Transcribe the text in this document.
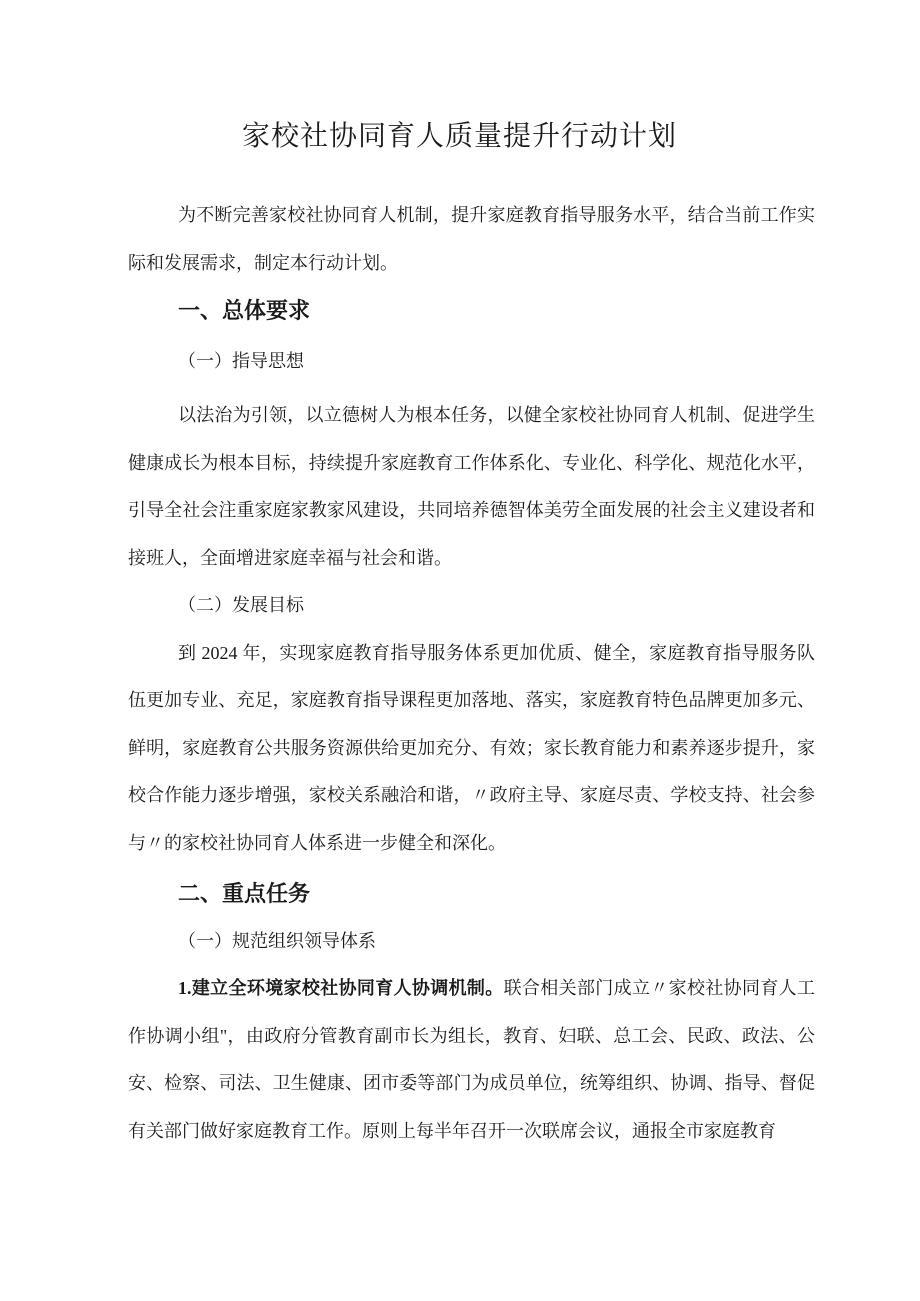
家校社协同育人质量提升行动计划

为不断完善家校社协同育人机制，提升家庭教育指导服务水平，结合当前工作实际和发展需求，制定本行动计划。

一、总体要求
（一）指导思想

以法治为引领，以立德树人为根本任务，以健全家校社协同育人机制、促进学生健康成长为根本目标，持续提升家庭教育工作体系化、专业化、科学化、规范化水平，引导全社会注重家庭家教家风建设，共同培养德智体美劳全面发展的社会主义建设者和接班人，全面增进家庭幸福与社会和谐。

（二）发展目标

到 2024 年，实现家庭教育指导服务体系更加优质、健全，家庭教育指导服务队伍更加专业、充足，家庭教育指导课程更加落地、落实，家庭教育特色品牌更加多元、鲜明，家庭教育公共服务资源供给更加充分、有效；家长教育能力和素养逐步提升，家校合作能力逐步增强，家校关系融洽和谐，〃政府主导、家庭尽责、学校支持、社会参与〃的家校社协同育人体系进一步健全和深化。

二、重点任务
（一）规范组织领导体系

1.建立全环境家校社协同育人协调机制。联合相关部门成立〃家校社协同育人工作协调小组"，由政府分管教育副市长为组长，教育、妇联、总工会、民政、政法、公安、检察、司法、卫生健康、团市委等部门为成员单位，统筹组织、协调、指导、督促有关部门做好家庭教育工作。原则上每半年召开一次联席会议，通报全市家庭教育
